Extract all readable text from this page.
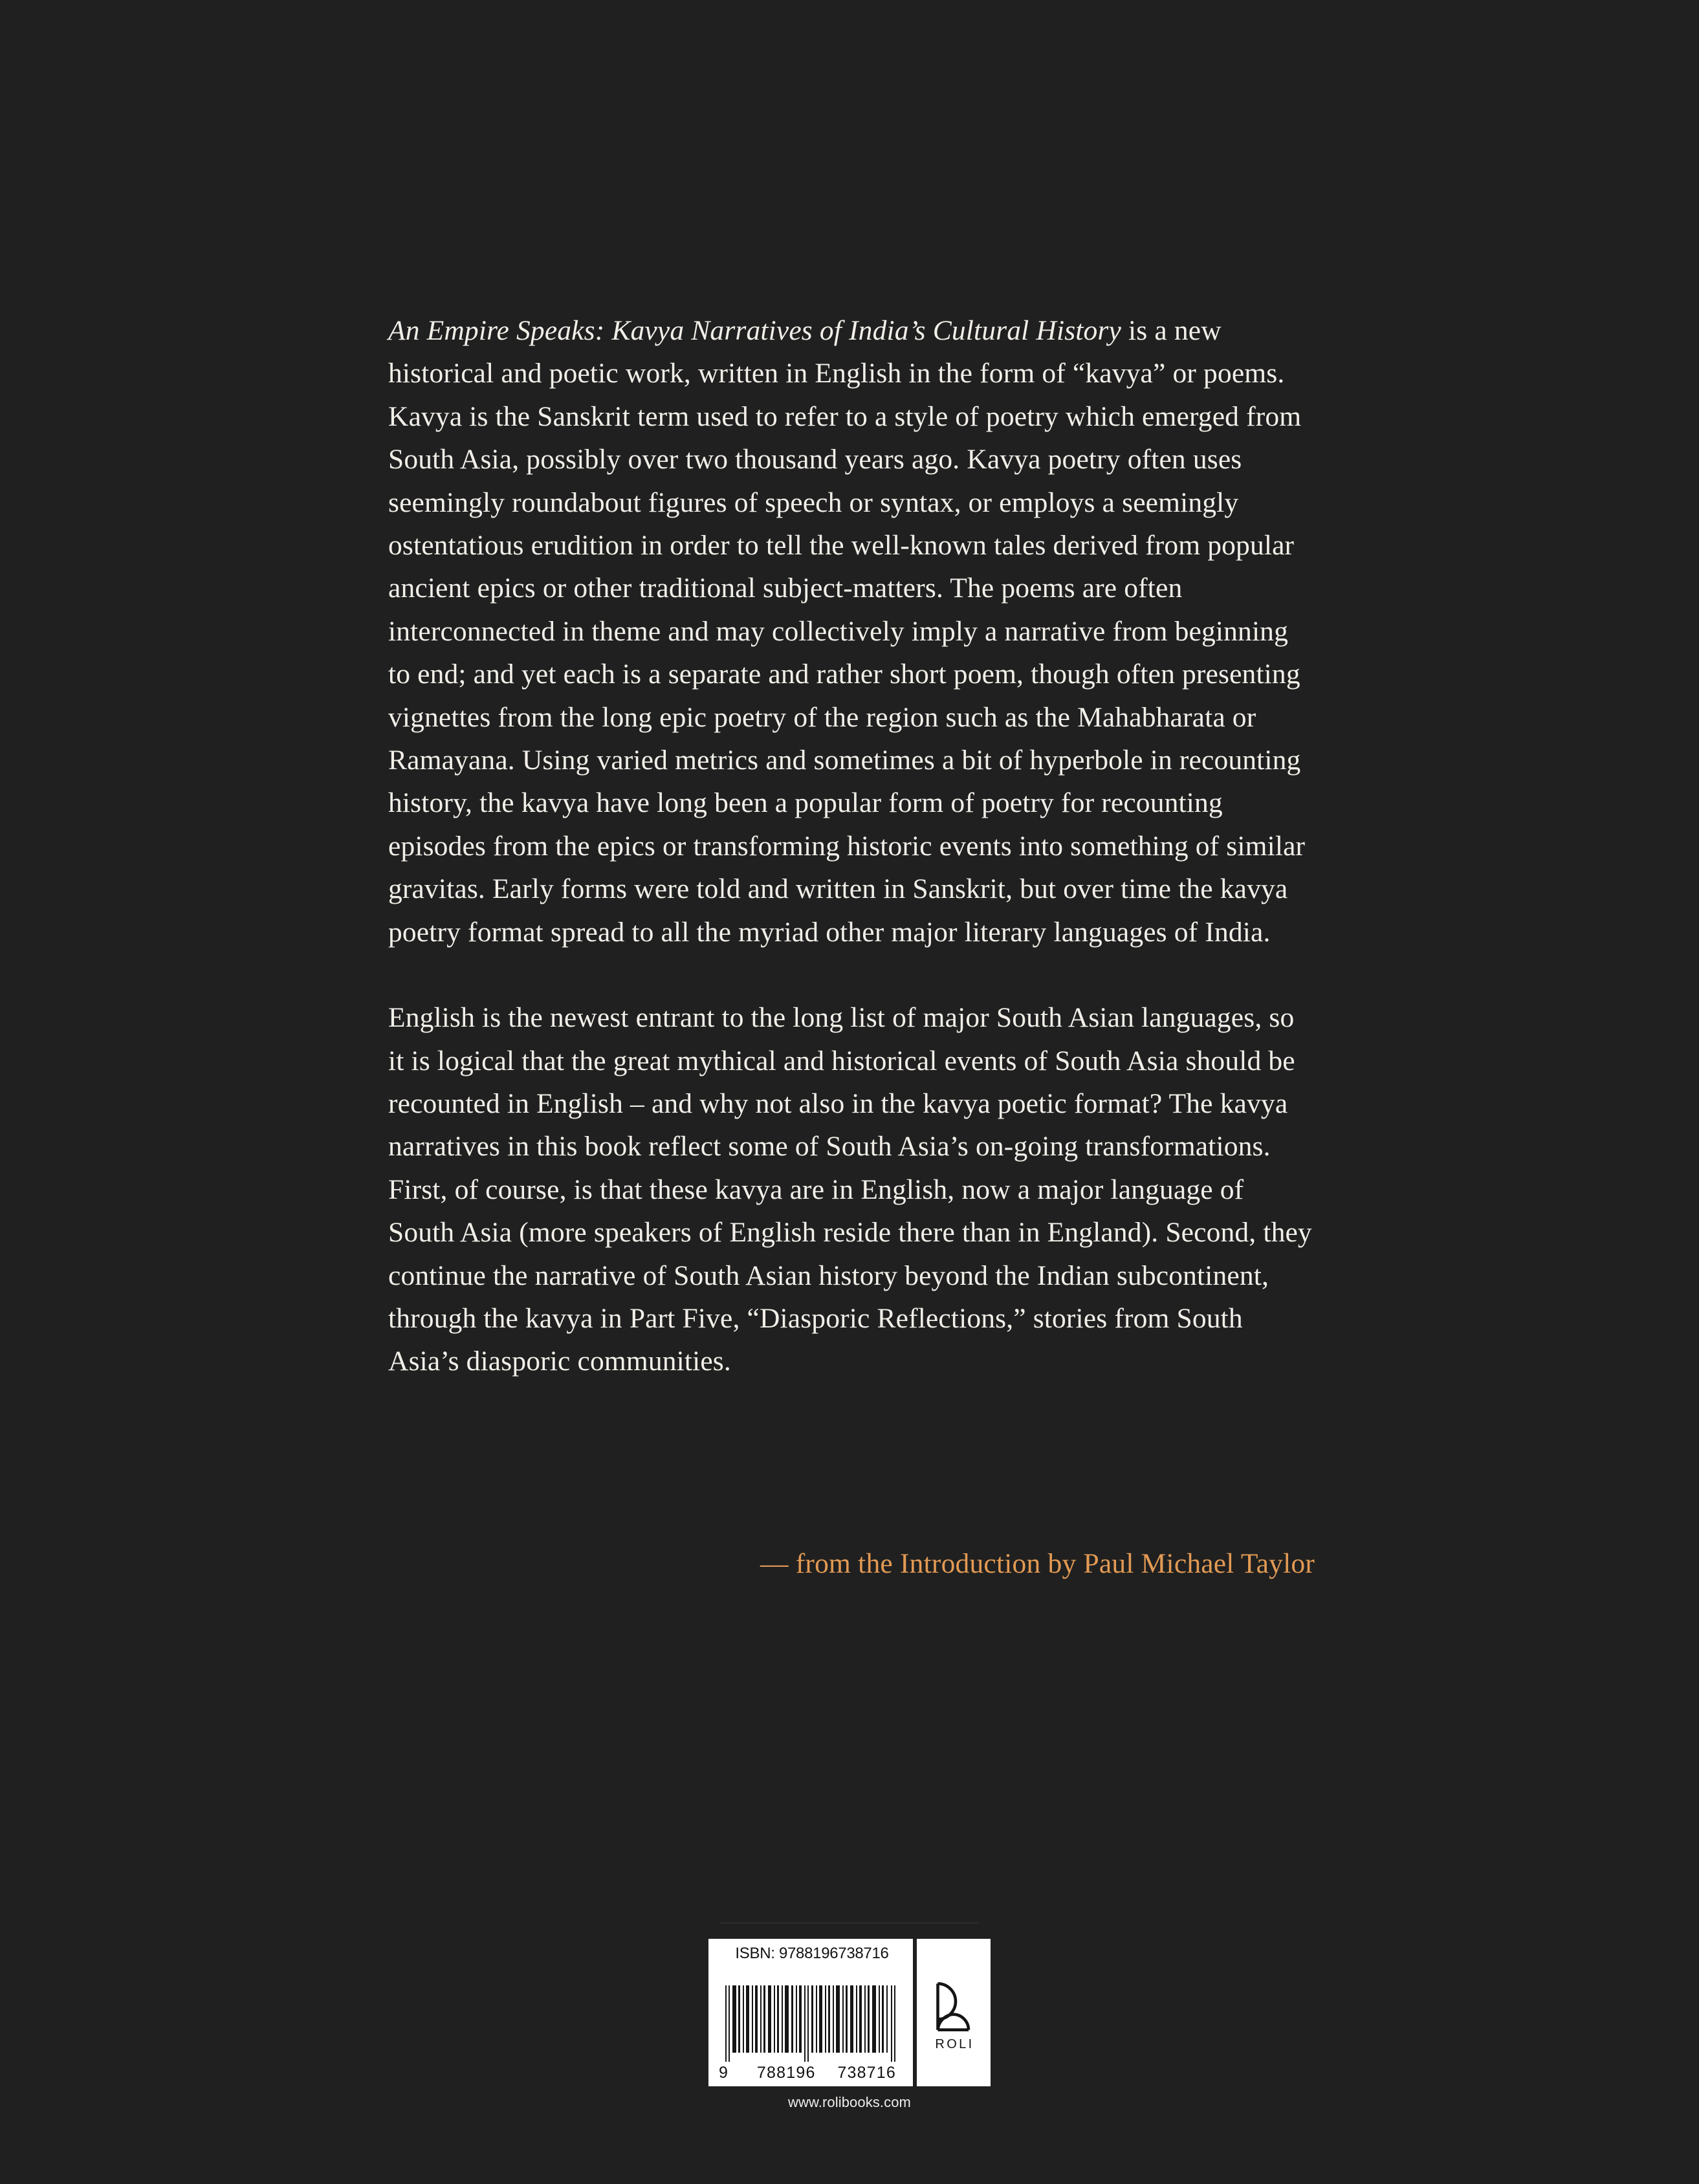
An Empire Speaks: Kavya Narratives of India’s Cultural History is a new historical and poetic work, written in English in the form of “kavya” or poems. Kavya is the Sanskrit term used to refer to a style of poetry which emerged from South Asia, possibly over two thousand years ago. Kavya poetry often uses seemingly roundabout figures of speech or syntax, or employs a seemingly ostentatious erudition in order to tell the well-known tales derived from popular ancient epics or other traditional subject-matters. The poems are often interconnected in theme and may collectively imply a narrative from beginning to end; and yet each is a separate and rather short poem, though often presenting vignettes from the long epic poetry of the region such as the Mahabharata or Ramayana. Using varied metrics and sometimes a bit of hyperbole in recounting history, the kavya have long been a popular form of poetry for recounting episodes from the epics or transforming historic events into something of similar gravitas. Early forms were told and written in Sanskrit, but over time the kavya poetry format spread to all the myriad other major literary languages of India.

English is the newest entrant to the long list of major South Asian languages, so it is logical that the great mythical and historical events of South Asia should be recounted in English – and why not also in the kavya poetic format? The kavya narratives in this book reflect some of South Asia’s on-going transformations. First, of course, is that these kavya are in English, now a major language of South Asia (more speakers of English reside there than in England). Second, they continue the narrative of South Asian history beyond the Indian subcontinent, through the kavya in Part Five, “Diasporic Reflections,” stories from South Asia’s diasporic communities.

— from the Introduction by Paul Michael Taylor
ISBN: 9788196738716
9 788196 738716
ROLI
www.rolibooks.com
